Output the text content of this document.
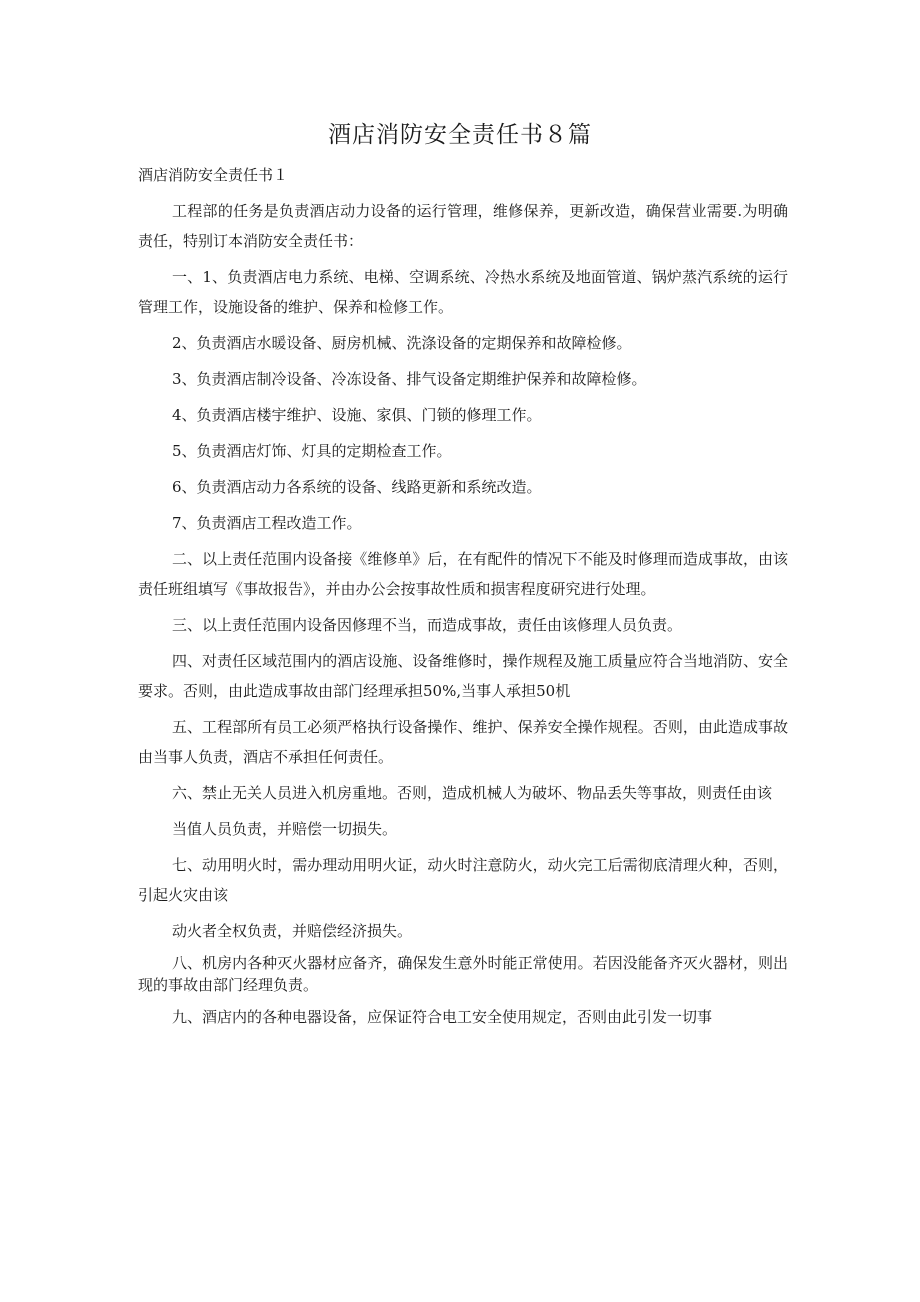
酒店消防安全责任书８篇

酒店消防安全责任书１

工程部的任务是负责酒店动力设备的运行管理，维修保养，更新改造，确保营业需要.为明确责任，特别订本消防安全责任书：

一、1、负责酒店电力系统、电梯、空调系统、冷热水系统及地面管道、锅炉蒸汽系统的运行管理工作，设施设备的维护、保养和检修工作。

2、负责酒店水暖设备、厨房机械、洗涤设备的定期保养和故障检修。

3、负责酒店制冷设备、冷冻设备、排气设备定期维护保养和故障检修。

4、负责酒店楼宇维护、设施、家俱、门锁的修理工作。

5、负责酒店灯饰、灯具的定期检查工作。

6、负责酒店动力各系统的设备、线路更新和系统改造。

7、负责酒店工程改造工作。

二、以上责任范围内设备接《维修单》后，在有配件的情况下不能及时修理而造成事故，由该责任班组填写《事故报告》，并由办公会按事故性质和损害程度研究进行处理。

三、以上责任范围内设备因修理不当，而造成事故，责任由该修理人员负责。

四、对责任区域范围内的酒店设施、设备维修时，操作规程及施工质量应符合当地消防、安全要求。否则，由此造成事故由部门经理承担50%,当事人承担50机

五、工程部所有员工必须严格执行设备操作、维护、保养安全操作规程。否则，由此造成事故由当事人负责，酒店不承担任何责任。

六、禁止无关人员进入机房重地。否则，造成机械人为破坏、物品丢失等事故，则责任由该

当值人员负责，并赔偿一切损失。

七、动用明火时，需办理动用明火证，动火时注意防火，动火完工后需彻底清理火种，否则，引起火灾由该

动火者全权负责，并赔偿经济损失。

八、机房内各种灭火器材应备齐，确保发生意外时能正常使用。若因没能备齐灭火器材，则出现的事故由部门经理负责。

九、酒店内的各种电器设备，应保证符合电工安全使用规定，否则由此引发一切事
